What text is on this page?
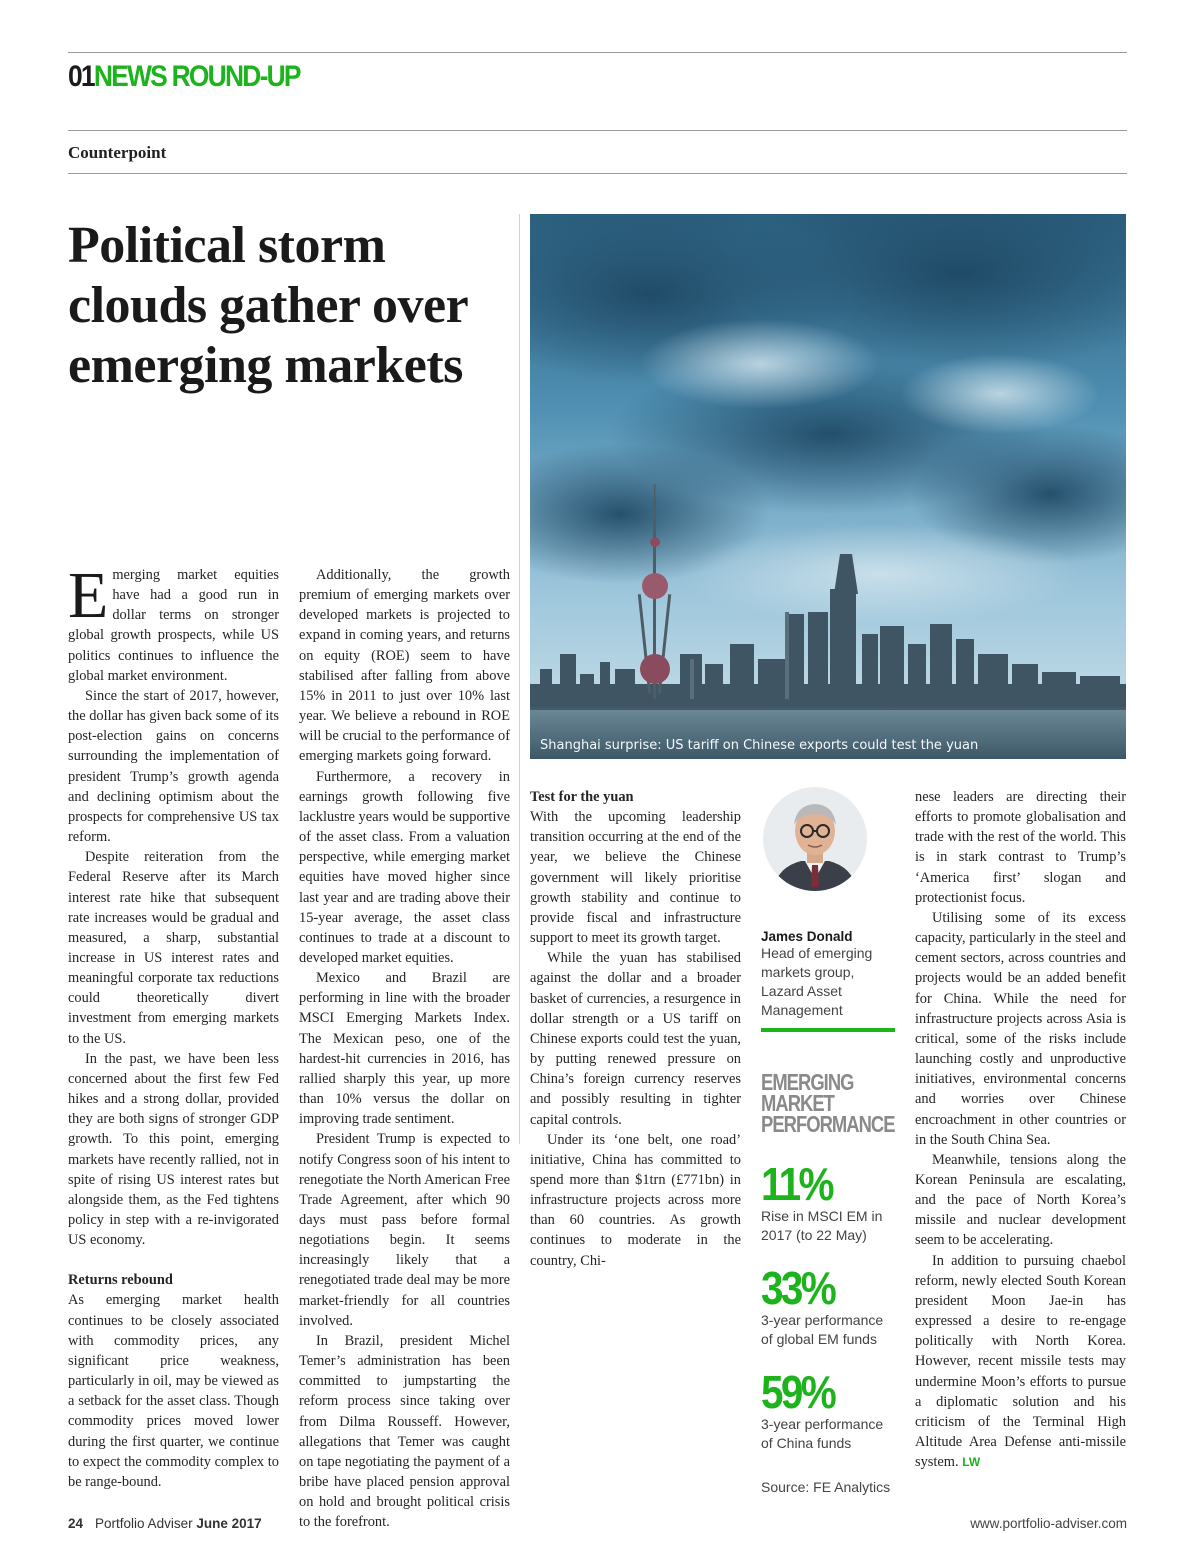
01NEWS ROUND-UP
Counterpoint
Political storm clouds gather over emerging markets
Shanghai surprise: US tariff on Chinese exports could test the yuan

Emerging market equities have had a good run in dollar terms on stronger global growth prospects, while US politics continues to influence the global market environment.

Since the start of 2017, however, the dollar has given back some of its post-election gains on concerns surrounding the implementation of president Trump’s growth agenda and declining optimism about the prospects for comprehensive US tax reform.

Despite reiteration from the Federal Reserve after its March interest rate hike that subsequent rate increases would be gradual and measured, a sharp, substantial increase in US interest rates and meaningful corporate tax reductions could theoretically divert investment from emerging markets to the US.

In the past, we have been less concerned about the first few Fed hikes and a strong dollar, provided they are both signs of stronger GDP growth. To this point, emerging markets have recently rallied, not in spite of rising US interest rates but alongside them, as the Fed tightens policy in step with a re-invigorated US economy.

Returns rebound

As emerging market health continues to be closely associated with commodity prices, any significant price weakness, particularly in oil, may be viewed as a setback for the asset class. Though commodity prices moved lower during the first quarter, we continue to expect the commodity complex to be range-bound.

Additionally, the growth premium of emerging markets over developed markets is projected to expand in coming years, and returns on equity (ROE) seem to have stabilised after falling from above 15% in 2011 to just over 10% last year. We believe a rebound in ROE will be crucial to the performance of emerging markets going forward.

Furthermore, a recovery in earnings growth following five lacklustre years would be supportive of the asset class. From a valuation perspective, while emerging market equities have moved higher since last year and are trading above their 15-year average, the asset class continues to trade at a discount to developed market equities.

Mexico and Brazil are performing in line with the broader MSCI Emerging Markets Index. The Mexican peso, one of the hardest-hit currencies in 2016, has rallied sharply this year, up more than 10% versus the dollar on improving trade sentiment.

President Trump is expected to notify Congress soon of his intent to renegotiate the North American Free Trade Agreement, after which 90 days must pass before formal negotiations begin. It seems increasingly likely that a renegotiated trade deal may be more market-friendly for all countries involved.

In Brazil, president Michel Temer’s administration has been committed to jumpstarting the reform process since taking over from Dilma Rousseff. However, allegations that Temer was caught on tape negotiating the payment of a bribe have placed pension approval on hold and brought political crisis to the forefront.

Test for the yuan

With the upcoming leadership transition occurring at the end of the year, we believe the Chinese government will likely prioritise growth stability and continue to provide fiscal and infrastructure support to meet its growth target.

While the yuan has stabilised against the dollar and a broader basket of currencies, a resurgence in dollar strength or a US tariff on Chinese exports could test the yuan, by putting renewed pressure on China’s foreign currency reserves and possibly resulting in tighter capital controls.

Under its ‘one belt, one road’ initiative, China has committed to spend more than $1trn (£771bn) in infrastructure projects across more than 60 countries. As growth continues to moderate in the country, Chi-

James Donald
Head of emerging markets group, Lazard Asset Management
EMERGING
MARKET
PERFORMANCE
11%
Rise in MSCI EM in 2017 (to 22 May)
33%
3-year performance of global EM funds
59%
3-year performance of China funds
Source: FE Analytics

nese leaders are directing their efforts to promote globalisation and trade with the rest of the world. This is in stark contrast to Trump’s ‘America first’ slogan and protectionist focus.

Utilising some of its excess capacity, particularly in the steel and cement sectors, across countries and projects would be an added benefit for China. While the need for infrastructure projects across Asia is critical, some of the risks include launching costly and unproductive initiatives, environmental concerns and worries over Chinese encroachment in other countries or in the South China Sea.

Meanwhile, tensions along the Korean Peninsula are escalating, and the pace of North Korea’s missile and nuclear development seem to be accelerating.

In addition to pursuing chaebol reform, newly elected South Korean president Moon Jae-in has expressed a desire to re-engage politically with North Korea. However, recent missile tests may undermine Moon’s efforts to pursue a diplomatic solution and his criticism of the Terminal High Altitude Area Defense anti-missile system. LW

24 Portfolio Adviser June 2017	www.portfolio-adviser.com
